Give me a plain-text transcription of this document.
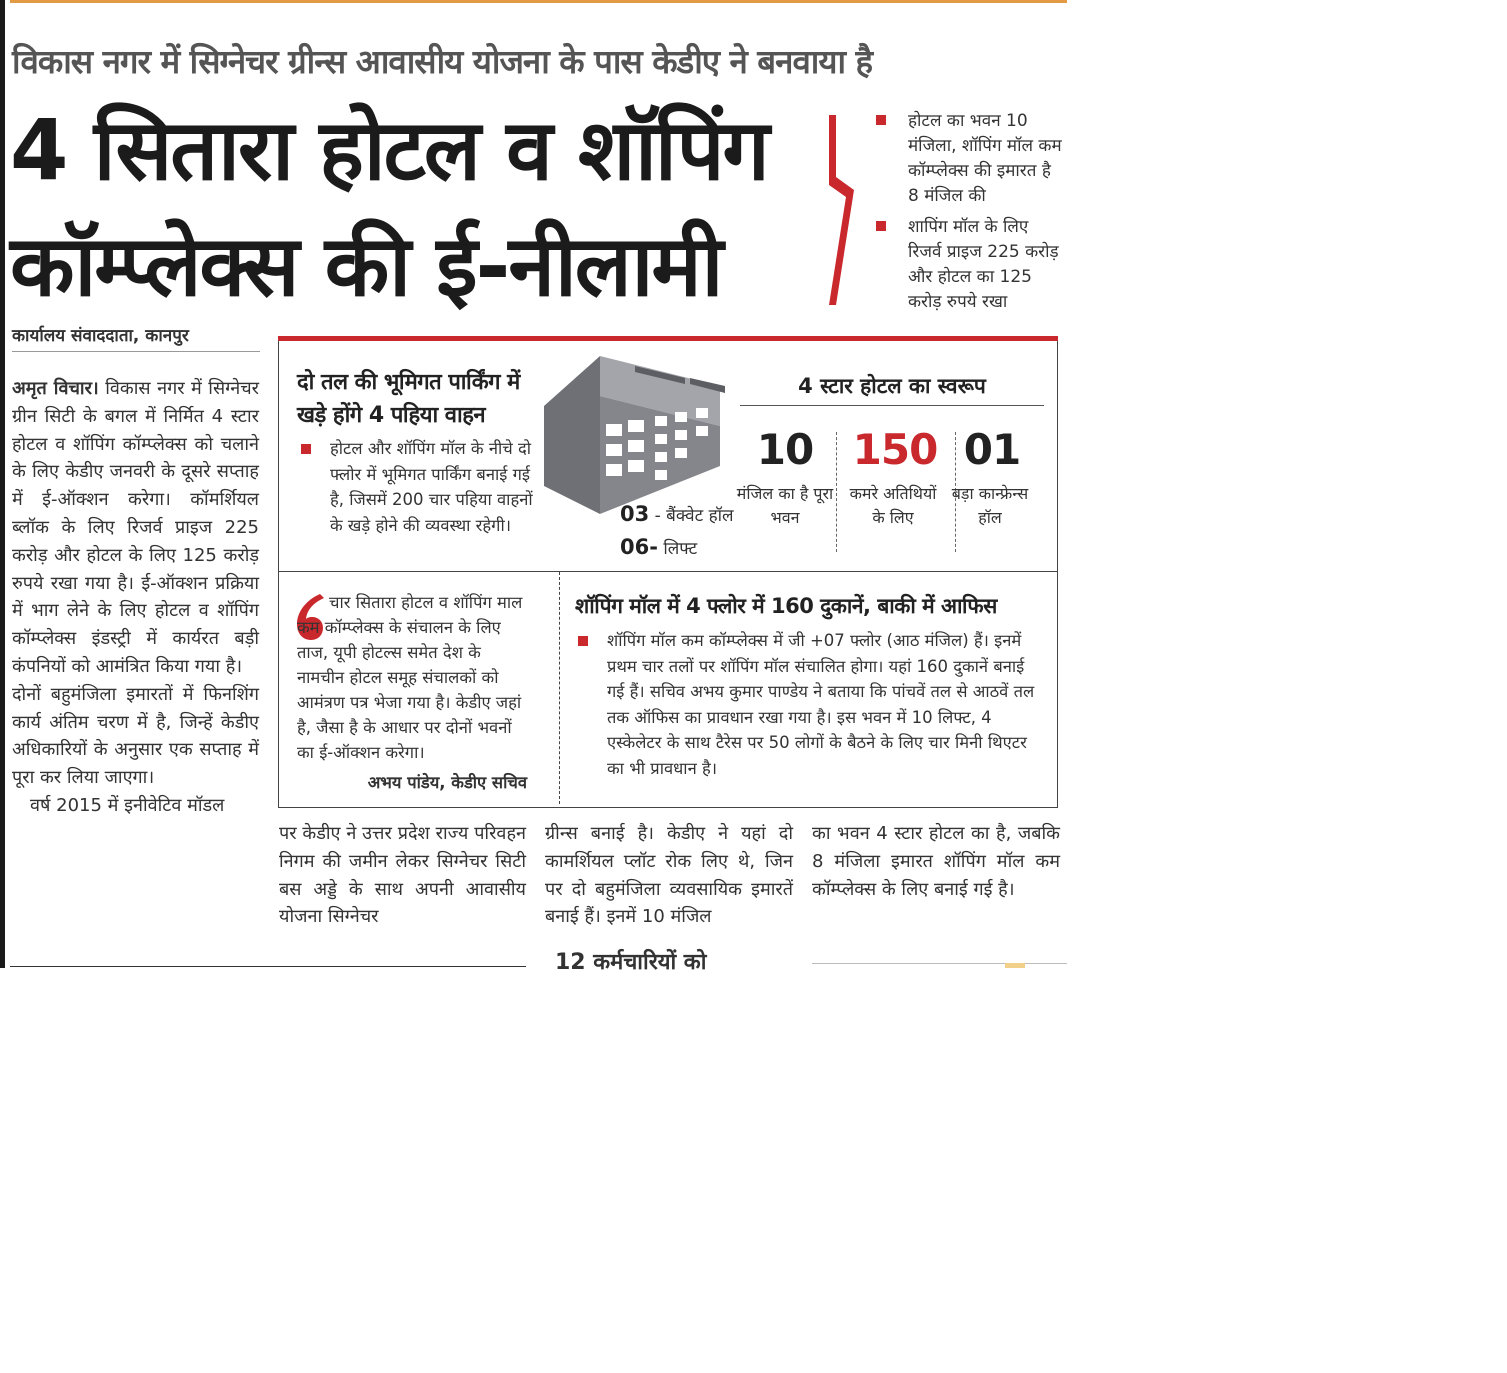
विकास नगर में सिग्नेचर ग्रीन्स आवासीय योजना के पास केडीए ने बनवाया है
4 सितारा होटल व शॉपिंग
कॉम्प्लेक्स की ई-नीलामी
होटल का भवन 10 मंजिला, शॉपिंग मॉल कम कॉम्प्लेक्स की इमारत है 8 मंजिल की
शापिंग मॉल के लिए रिजर्व प्राइज 225 करोड़ और होटल का 125 करोड़ रुपये रखा
कार्यालय संवाददाता, कानपुर
अमृत विचार। विकास नगर में सिग्नेचर ग्रीन सिटी के बगल में निर्मित 4 स्टार होटल व शॉपिंग कॉम्प्लेक्स को चलाने के लिए केडीए जनवरी के दूसरे सप्ताह में ई-ऑक्शन करेगा। कॉमर्शियल ब्लॉक के लिए रिजर्व प्राइज 225 करोड़ और होटल के लिए 125 करोड़ रुपये रखा गया है। ई-ऑक्शन प्रक्रिया में भाग लेने के लिए होटल व शॉपिंग कॉम्प्लेक्स इंडस्ट्री में कार्यरत बड़ी कंपनियों को आमंत्रित किया गया है।
दोनों बहुमंजिला इमारतों में फिनशिंग कार्य अंतिम चरण में है, जिन्हें केडीए अधिकारियों के अनुसार एक सप्ताह में पूरा कर लिया जाएगा।
वर्ष 2015 में इनीवेटिव मॉडल
पर केडीए ने उत्तर प्रदेश राज्य परिवहन निगम की जमीन लेकर सिग्नेचर सिटी बस अड्डे के साथ अपनी आवासीय योजना सिग्नेचर
ग्रीन्स बनाई है। केडीए ने यहां दो कामर्शियल प्लॉट रोक लिए थे, जिन पर दो बहुमंजिला व्यवसायिक इमारतें बनाई हैं। इनमें 10 मंजिल
का भवन 4 स्टार होटल का है, जबकि 8 मंजिला इमारत शॉपिंग मॉल कम कॉम्प्लेक्स के लिए बनाई गई है।
दो तल की भूमिगत पार्किंग में खड़े होंगे 4 पहिया वाहन
होटल और शॉपिंग मॉल के नीचे दो फ्लोर में भूमिगत पार्किंग बनाई गई है, जिसमें 200 चार पहिया वाहनों के खड़े होने की व्यवस्था रहेगी।	03 - बैंक्वेट हॉल
06- लिफ्ट
4 स्टार होटल का स्वरूप
10
मंजिल का है पूरा भवन
150
कमरे अतिथियों के लिए
01
बड़ा कान्फ्रेन्स हॉल
चार सितारा होटल व शॉपिंग माल कम कॉम्प्लेक्स के संचालन के लिए ताज, यूपी होटल्स समेत देश के नामचीन होटल समूह संचालकों को आमंत्रण पत्र भेजा गया है। केडीए जहां है, जैसा है के आधार पर दोनों भवनों का ई-ऑक्शन करेगा।
अभय पांडेय, केडीए सचिव
शॉपिंग मॉल में 4 फ्लोर में 160 दुकानें, बाकी में आफिस
शॉपिंग मॉल कम कॉम्प्लेक्स में जी +07 फ्लोर (आठ मंजिल) हैं। इनमें प्रथम चार तलों पर शॉपिंग मॉल संचालित होगा। यहां 160 दुकानें बनाई गई हैं। सचिव अभय कुमार पाण्डेय ने बताया कि पांचवें तल से आठवें तल तक ऑफिस का प्रावधान रखा गया है। इस भवन में 10 लिफ्ट, 4 एस्केलेटर के साथ टैरेस पर 50 लोगों के बैठने के लिए चार मिनी थिएटर का भी प्रावधान है।
12 कर्मचारियों को
